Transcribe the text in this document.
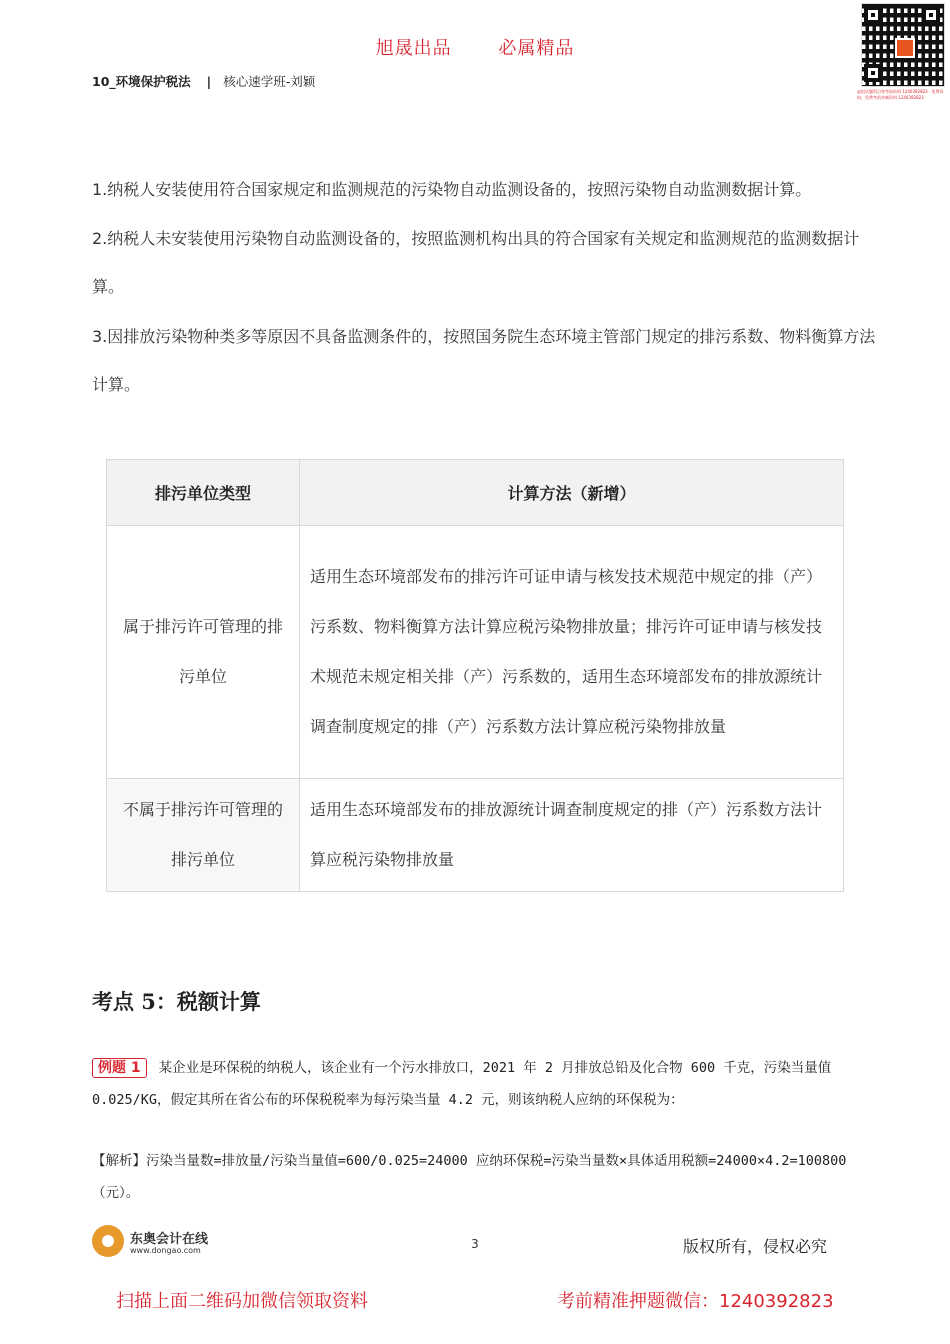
旭晟出品	必属精品
10_环境保护税法 | 核心速学班-刘颖
虚拟试题科目和考前资料 1240392823 · 免费资料、免费考前冲刺资料 1240392823
1.纳税人安装使用符合国家规定和监测规范的污染物自动监测设备的，按照污染物自动监测数据计算。
2.纳税人未安装使用污染物自动监测设备的，按照监测机构出具的符合国家有关规定和监测规范的监测数据计算。
3.因排放污染物种类多等原因不具备监测条件的，按照国务院生态环境主管部门规定的排污系数、物料衡算方法计算。
排污单位类型	计算方法（新增）

属于排污许可管理的排污单位	适用生态环境部发布的排污许可证申请与核发技术规范中规定的排（产）污系数、物料衡算方法计算应税污染物排放量；排污许可证申请与核发技术规范未规定相关排（产）污系数的，适用生态环境部发布的排放源统计调查制度规定的排（产）污系数方法计算应税污染物排放量

不属于排污许可管理的排污单位	适用生态环境部发布的排放源统计调查制度规定的排（产）污系数方法计算应税污染物排放量
考点 5：税额计算
例题 1 某企业是环保税的纳税人，该企业有一个污水排放口，2021 年 2 月排放总铅及化合物 600 千克，污染当量值 0.025/KG，假定其所在省公布的环保税税率为每污染当量 4.2 元，则该纳税人应纳的环保税为：
【解析】污染当量数=排放量/污染当量值=600/0.025=24000 应纳环保税=污染当量数×具体适用税额=24000×4.2=100800（元）。
东奥会计在线
www.dongao.com	3	版权所有，侵权必究
扫描上面二维码加微信领取资料	考前精准押题微信：1240392823
